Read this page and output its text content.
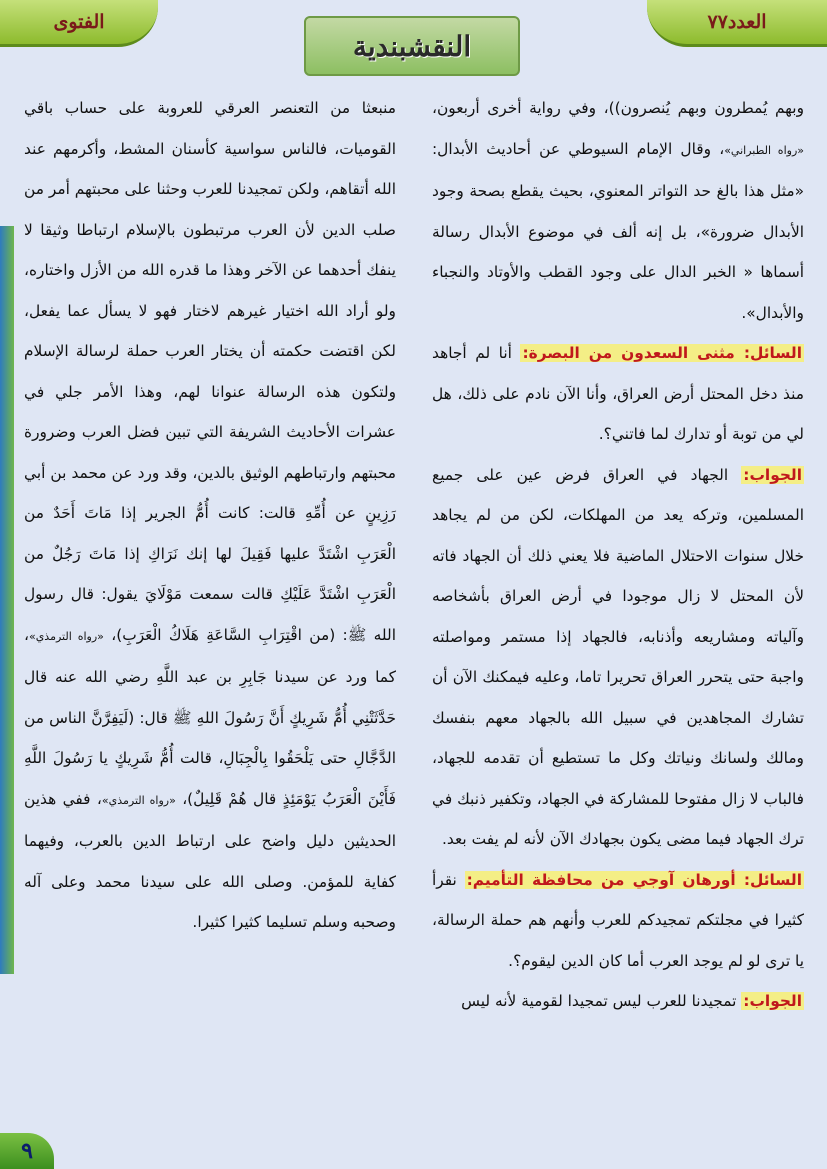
الفتوى	العدد٧٧
النقشبندية

وبهم يُمطرون وبهم يُنصرون))، وفي رواية أخرى أربعون، «رواه الطبراني»، وقال الإمام السيوطي عن أحاديث الأبدال: «مثل هذا بالغ حد التواتر المعنوي، بحيث يقطع بصحة وجود الأبدال ضرورة»، بل إنه ألف في موضوع الأبدال رسالة أسماها « الخبر الدال على وجود القطب والأوتاد والنجباء والأبدال».

السائل: مثنى السعدون من البصرة: أنا لم أجاهد منذ دخل المحتل أرض العراق، وأنا الآن نادم على ذلك، هل لي من توبة أو تدارك لما فاتني؟.

الجواب: الجهاد في العراق فرض عين على جميع المسلمين، وتركه يعد من المهلكات، لكن من لم يجاهد خلال سنوات الاحتلال الماضية فلا يعني ذلك أن الجهاد فاته لأن المحتل لا زال موجودا في أرض العراق بأشخاصه وآلياته ومشاريعه وأذنابه، فالجهاد إذا مستمر ومواصلته واجبة حتى يتحرر العراق تحريرا تاما، وعليه فيمكنك الآن أن تشارك المجاهدين في سبيل الله بالجهاد معهم بنفسك ومالك ولسانك ونياتك وكل ما تستطيع أن تقدمه للجهاد، فالباب لا زال مفتوحا للمشاركة في الجهاد، وتكفير ذنبك في ترك الجهاد فيما مضى يكون بجهادك الآن لأنه لم يفت بعد.

السائل: أورهان آوجي من محافظة التأميم: نقرأ كثيرا في مجلتكم تمجيدكم للعرب وأنهم هم حملة الرسالة، يا ترى لو لم يوجد العرب أما كان الدين ليقوم؟.

الجواب: تمجيدنا للعرب ليس تمجيدا لقومية لأنه ليس

منبعثا من التعنصر العرقي للعروبة على حساب باقي القوميات، فالناس سواسية كأسنان المشط، وأكرمهم عند الله أتقاهم، ولكن تمجيدنا للعرب وحثنا على محبتهم أمر من صلب الدين لأن العرب مرتبطون بالإسلام ارتباطا وثيقا لا ينفك أحدهما عن الآخر وهذا ما قدره الله من الأزل واختاره، ولو أراد الله اختيار غيرهم لاختار فهو لا يسأل عما يفعل، لكن اقتضت حكمته أن يختار العرب حملة لرسالة الإسلام ولتكون هذه الرسالة عنوانا لهم، وهذا الأمر جلي في عشرات الأحاديث الشريفة التي تبين فضل العرب وضرورة محبتهم وارتباطهم الوثيق بالدين، وقد ورد عن محمد بن أبي رَزِينٍ عن أُمِّهِ قالت: كانت أُمُّ الجرير إذا مَاتَ أَحَدٌ من الْعَرَبِ اشْتَدَّ عليها فَقِيلَ لها إنك نَرَاكِ إذا مَاتَ رَجُلٌ من الْعَرَبِ اشْتَدَّ عَلَيْكِ قالت سمعت مَوْلَايَ يقول: قال رسول الله ﷺ: (من اقْتِرَابِ السَّاعَةِ هَلَاكُ الْعَرَبِ)، «رواه الترمذي»، كما ورد عن سيدنا جَابِرِ بن عبد اللَّهِ رضي الله عنه قال حَدَّثَتْنِي أُمُّ شَرِيكٍ أَنَّ رَسُولَ اللهِ ﷺ قال: (لَيَفِرَّنَّ الناس من الدَّجَّالِ حتى يَلْحَقُوا بِالْجِبَالِ، قالت أُمُّ شَرِيكٍ يا رَسُولَ اللَّهِ فَأَيْنَ الْعَرَبُ يَوْمَئِذٍ قال هُمْ قَلِيلٌ)، «رواه الترمذي»، ففي هذين الحديثين دليل واضح على ارتباط الدين بالعرب، وفيهما كفاية للمؤمن. وصلى الله على سيدنا محمد وعلى آله وصحبه وسلم تسليما كثيرا كثيرا.

٩
